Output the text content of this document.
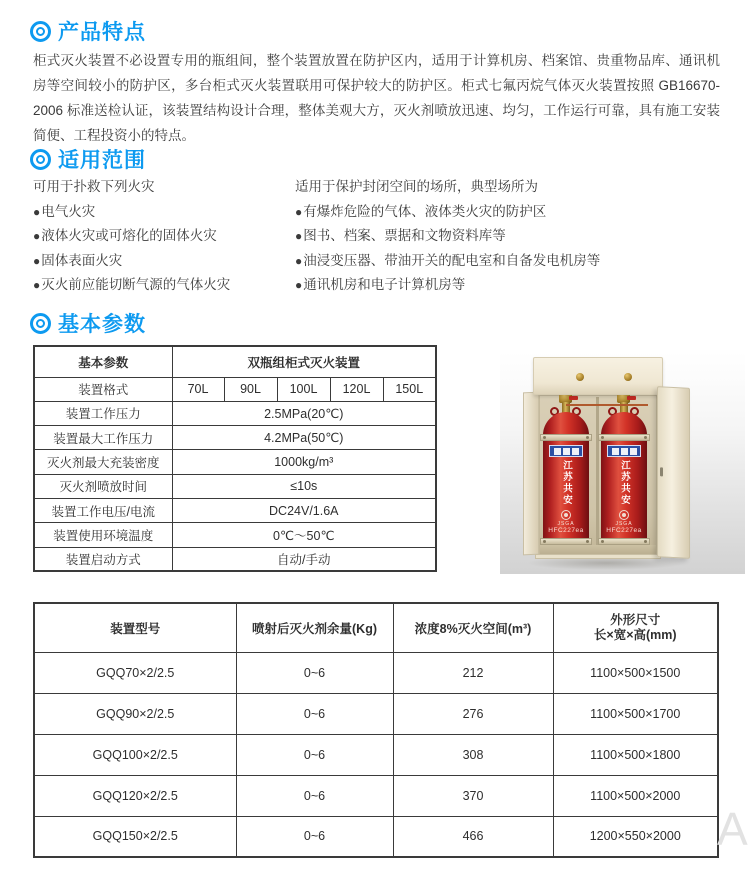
产品特点
柜式灭火装置不必设置专用的瓶组间，整个装置放置在防护区内，适用于计算机房、档案馆、贵重物品库、通讯机房等空间较小的防护区，多台柜式灭火装置联用可保护较大的防护区。柜式七氟丙烷气体灭火装置按照 GB16670-2006 标准送检认证，该装置结构设计合理，整体美观大方，灭火剂喷放迅速、均匀，工作运行可靠，具有施工安装简便、工程投资小的特点。
适用范围
可用于扑救下列火灾
●电气火灾
●液体火灾或可熔化的固体火灾
●固体表面火灾
●灭火前应能切断气源的气体火灾
适用于保护封闭空间的场所，典型场所为
●有爆炸危险的气体、液体类火灾的防护区
●图书、档案、票据和文物资料库等
●油浸变压器、带油开关的配电室和自备发电机房等
●通讯机房和电子计算机房等
基本参数
基本参数	双瓶组柜式灭火装置				
装置格式	70L	90L	100L	120L	150L
装置工作压力	2.5MPa(20℃)				
装置最大工作压力	4.2MPa(50℃)				
灭火剂最大充装密度	1000kg/m³				
灭火剂喷放时间	≤10s				
装置工作电压/电流	DC24V/1.6A				
装置使用环境温度	0℃～50℃				
装置启动方式	自动/手动				
江苏共安
JSGA
HFC227ea
江苏共安
JSGA
HFC227ea
装置型号	喷射后灭火剂余量(Kg)	浓度8%灭火空间(m³)	外形尺寸
长×宽×高(mm)

GQQ70×2/2.5	0~6	212	1100×500×1500
GQQ90×2/2.5	0~6	276	1100×500×1700
GQQ100×2/2.5	0~6	308	1100×500×1800
GQQ120×2/2.5	0~6	370	1100×500×2000
GQQ150×2/2.5	0~6	466	1200×550×2000 A
